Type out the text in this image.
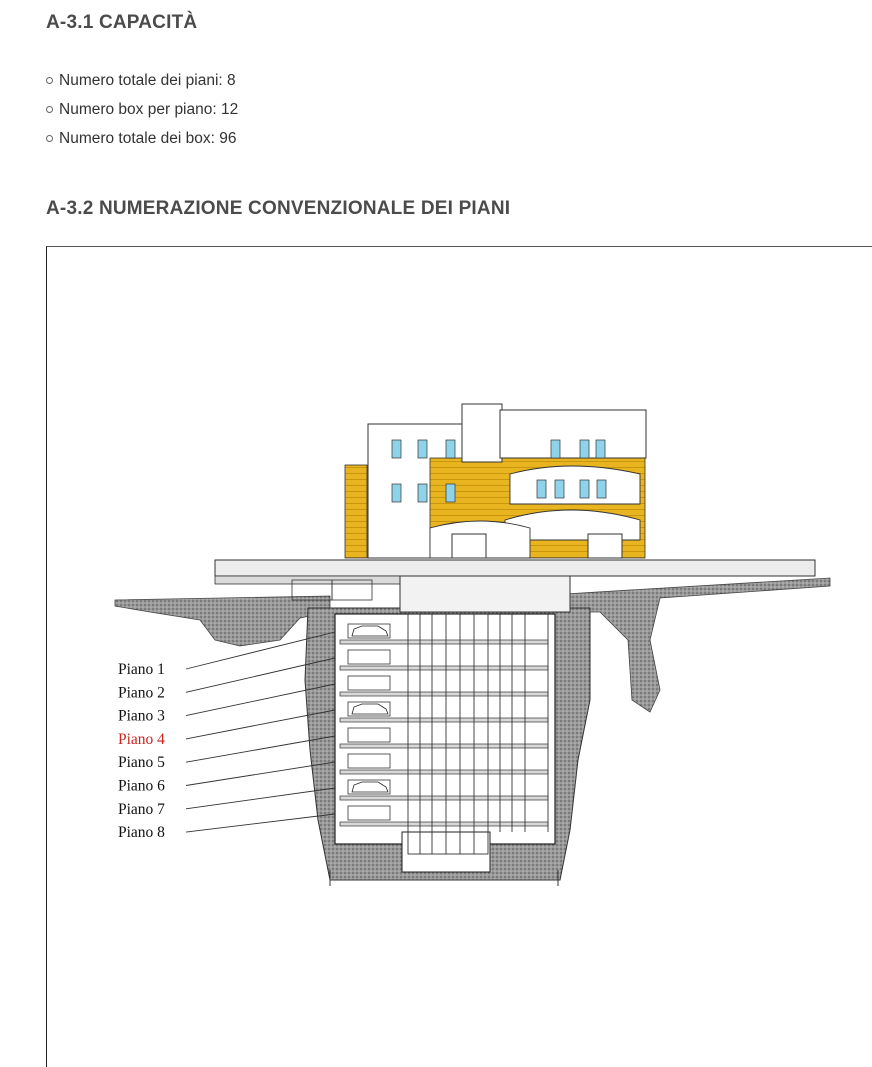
A-3.1 CAPACITÀ
Numero totale dei piani: 8
Numero box per piano: 12
Numero totale dei box: 96
A-3.2 NUMERAZIONE CONVENZIONALE DEI PIANI
Piano 1
Piano 2
Piano 3
Piano 4
Piano 5
Piano 6
Piano 7
Piano 8
